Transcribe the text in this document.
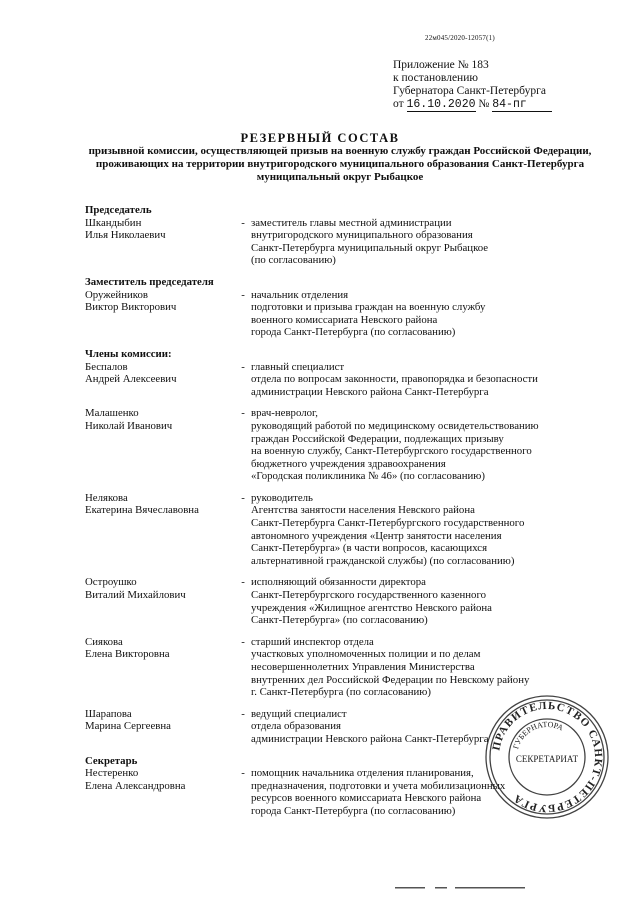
22м045/2020-12057(1)
Приложение № 183
к постановлению
Губернатора Санкт-Петербурга
от 16.10.2020 № 84-пг
РЕЗЕРВНЫЙ СОСТАВ
призывной комиссии, осуществляющей призыв на военную службу граждан Российской Федерации, проживающих на территории внутригородского муниципального образования Санкт-Петербурга муниципальный округ Рыбацкое
Председатель
Шкандыбин	- заместитель главы местной администрации
Илья Николаевич	внутригородского муниципального образования
Санкт-Петербурга муниципальный округ Рыбацкое
(по согласованию)
Заместитель председателя
Оружейников	- начальник отделения
Виктор Викторович	подготовки и призыва граждан на военную службу
военного комиссариата Невского района
города Санкт-Петербурга (по согласованию)
Члены комиссии:
Беспалов	- главный специалист
Андрей Алексеевич	отдела по вопросам законности, правопорядка и безопасности
администрации Невского района Санкт-Петербурга
Малашенко	- врач-невролог,
Николай Иванович	руководящий работой по медицинскому освидетельствованию
граждан Российской Федерации, подлежащих призыву
на военную службу, Санкт-Петербургского государственного
бюджетного учреждения здравоохранения
«Городская поликлиника № 46» (по согласованию)
Нелякова	- руководитель
Екатерина Вячеславовна	Агентства занятости населения Невского района
Санкт-Петербурга Санкт-Петербургского государственного
автономного учреждения «Центр занятости населения
Санкт-Петербурга» (в части вопросов, касающихся
альтернативной гражданской службы) (по согласованию)
Остроушко	- исполняющий обязанности директора
Виталий Михайлович	Санкт-Петербургского государственного казенного
учреждения «Жилищное агентство Невского района
Санкт-Петербурга» (по согласованию)
Сиякова	- старший инспектор отдела
Елена Викторовна	участковых уполномоченных полиции и по делам
несовершеннолетних Управления Министерства
внутренних дел Российской Федерации по Невскому району
г. Санкт-Петербурга (по согласованию)
Шарапова	- ведущий специалист
Марина Сергеевна	отдела образования
администрации Невского района Санкт-Петербурга
Секретарь
Нестеренко	- помощник начальника отделения планирования,
Елена Александровна	предназначения, подготовки и учета мобилизационных
ресурсов военного комиссариата Невского района
города Санкт-Петербурга (по согласованию)
ПРАВИТЕЛЬСТВО САНКТ-ПЕТЕРБУРГА
ГУБЕРНАТОРА
СЕКРЕТАРИАТ
